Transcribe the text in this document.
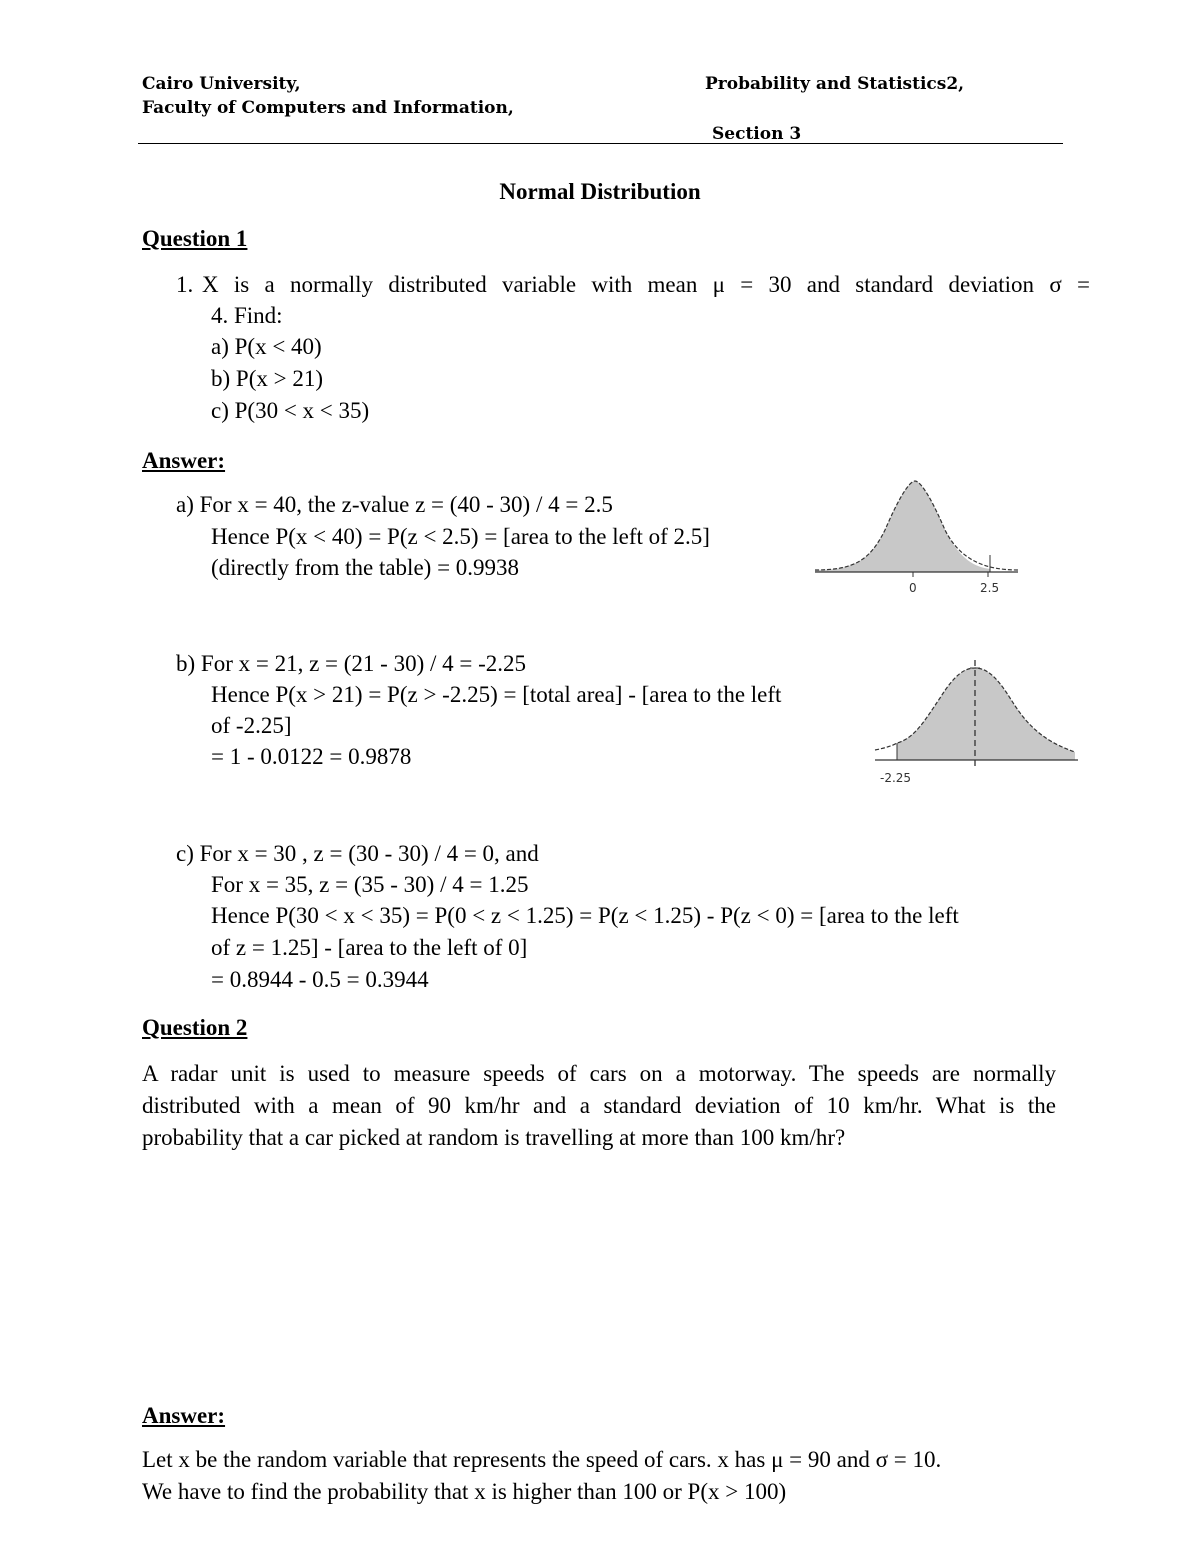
Cairo University,
Faculty of Computers and Information,
Probability and Statistics2,
Section 3
Normal Distribution
Question 1
1. X is a normally distributed variable with mean μ = 30 and standard deviation σ =
4. Find:
a) P(x < 40)
b) P(x > 21)
c) P(30 < x < 35)
Answer:
a) For x = 40, the z-value z = (40 - 30) / 4 = 2.5
Hence P(x < 40) = P(z < 2.5) = [area to the left of 2.5]
(directly from the table) = 0.9938
0	2.5
b) For x = 21, z = (21 - 30) / 4 = -2.25
Hence P(x > 21) = P(z > -2.25) = [total area] - [area to the left
of -2.25]
= 1 - 0.0122 = 0.9878
-2.25
c) For x = 30 , z = (30 - 30) / 4 = 0, and
For x = 35, z = (35 - 30) / 4 = 1.25
Hence P(30 < x < 35) = P(0 < z < 1.25) = P(z < 1.25) - P(z < 0) = [area to the left
of z = 1.25] - [area to the left of 0]
= 0.8944 - 0.5 = 0.3944
Question 2
A radar unit is used to measure speeds of cars on a motorway. The speeds are normally
distributed with a mean of 90 km/hr and a standard deviation of 10 km/hr. What is the
probability that a car picked at random is travelling at more than 100 km/hr?
Answer:
Let x be the random variable that represents the speed of cars. x has μ = 90 and σ = 10.
We have to find the probability that x is higher than 100 or P(x > 100)
